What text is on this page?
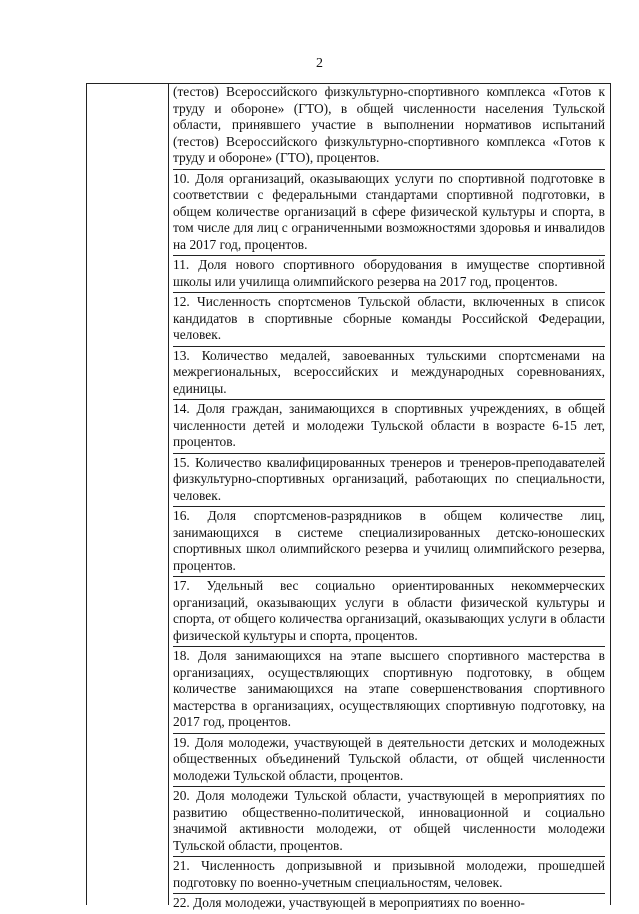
2
(тестов) Всероссийского физкультурно-спортивного комплекса «Готов к труду и обороне» (ГТО), в общей численности населения Тульской области, принявшего участие в выполнении нормативов испытаний (тестов) Всероссийского физкультурно-спортивного комплекса «Готов к труду и обороне» (ГТО), процентов.
10. Доля организаций, оказывающих услуги по спортивной подготовке в соответствии с федеральными стандартами спортивной подготовки, в общем количестве организаций в сфере физической культуры и спорта, в том числе для лиц с ограниченными возможностями здоровья и инвалидов на 2017 год, процентов.
11. Доля нового спортивного оборудования в имуществе спортивной школы или училища олимпийского резерва на 2017 год, процентов.
12. Численность спортсменов Тульской области, включенных в список кандидатов в спортивные сборные команды Российской Федерации, человек.
13. Количество медалей, завоеванных тульскими спортсменами на межрегиональных, всероссийских и международных соревнованиях, единицы.
14. Доля граждан, занимающихся в спортивных учреждениях, в общей численности детей и молодежи Тульской области в возрасте 6-15 лет, процентов.
15. Количество квалифицированных тренеров и тренеров-преподавателей физкультурно-спортивных организаций, работающих по специальности, человек.
16. Доля спортсменов-разрядников в общем количестве лиц, занимающихся в системе специализированных детско-юношеских спортивных школ олимпийского резерва и училищ олимпийского резерва, процентов.
17. Удельный вес социально ориентированных некоммерческих организаций, оказывающих услуги в области физической культуры и спорта, от общего количества организаций, оказывающих услуги в области физической культуры и спорта, процентов.
18. Доля занимающихся на этапе высшего спортивного мастерства в организациях, осуществляющих спортивную подготовку, в общем количестве занимающихся на этапе совершенствования спортивного мастерства в организациях, осуществляющих спортивную подготовку, на 2017 год, процентов.
19. Доля молодежи, участвующей в деятельности детских и молодежных общественных объединений Тульской области, от общей численности молодежи Тульской области, процентов.
20. Доля молодежи Тульской области, участвующей в мероприятиях по развитию общественно-политической, инновационной и социально значимой активности молодежи, от общей численности молодежи Тульской области, процентов.
21. Численность допризывной и призывной молодежи, прошедшей подготовку по военно-учетным специальностям, человек.
22. Доля молодежи, участвующей в мероприятиях по военно-
